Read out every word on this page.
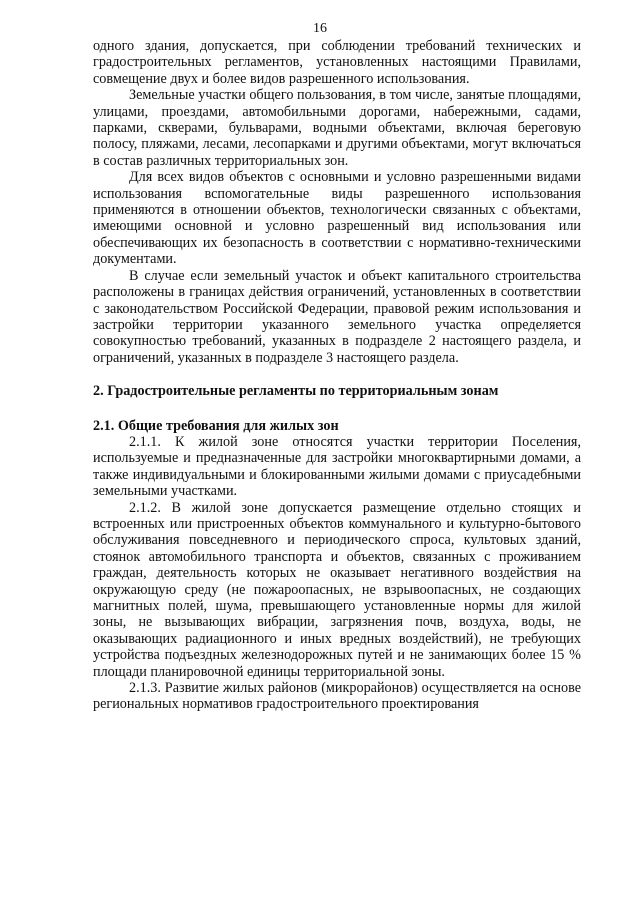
16

одного здания, допускается, при соблюдении требований технических и градостроительных регламентов, установленных настоящими Правилами, совмещение двух и более видов разрешенного использования.

Земельные участки общего пользования, в том числе, занятые площадями, улицами, проездами, автомобильными дорогами, набережными, садами, парками, скверами, бульварами, водными объектами, включая береговую полосу, пляжами, лесами, лесопарками и другими объектами, могут включаться в состав различных территориальных зон.

Для всех видов объектов с основными и условно разрешенными видами использования вспомогательные виды разрешенного использования применяются в отношении объектов, технологически связанных с объектами, имеющими основной и условно разрешенный вид использования или обеспечивающих их безопасность в соответствии с нормативно-техническими документами.

В случае если земельный участок и объект капитального строительства расположены в границах действия ограничений, установленных в соответствии с законодательством Российской Федерации, правовой режим использования и застройки территории указанного земельного участка определяется совокупностью требований, указанных в подразделе 2 настоящего раздела, и ограничений, указанных в подразделе 3 настоящего раздела.

2. Градостроительные регламенты по территориальным зонам

2.1. Общие требования для жилых зон

2.1.1. К жилой зоне относятся участки территории Поселения, используемые и предназначенные для застройки многоквартирными домами, а также индивидуальными и блокированными жилыми домами с приусадебными земельными участками.

2.1.2. В жилой зоне допускается размещение отдельно стоящих и встроенных или пристроенных объектов коммунального и культурно-бытового обслуживания повседневного и периодического спроса, культовых зданий, стоянок автомобильного транспорта и объектов, связанных с проживанием граждан, деятельность которых не оказывает негативного воздействия на окружающую среду (не пожароопасных, не взрывоопасных, не создающих магнитных полей, шума, превышающего установленные нормы для жилой зоны, не вызывающих вибрации, загрязнения почв, воздуха, воды, не оказывающих радиационного и иных вредных воздействий), не требующих устройства подъездных железнодорожных путей и не занимающих более 15 % площади планировочной единицы территориальной зоны.

2.1.3. Развитие жилых районов (микрорайонов) осуществляется на основе региональных нормативов градостроительного проектирования
